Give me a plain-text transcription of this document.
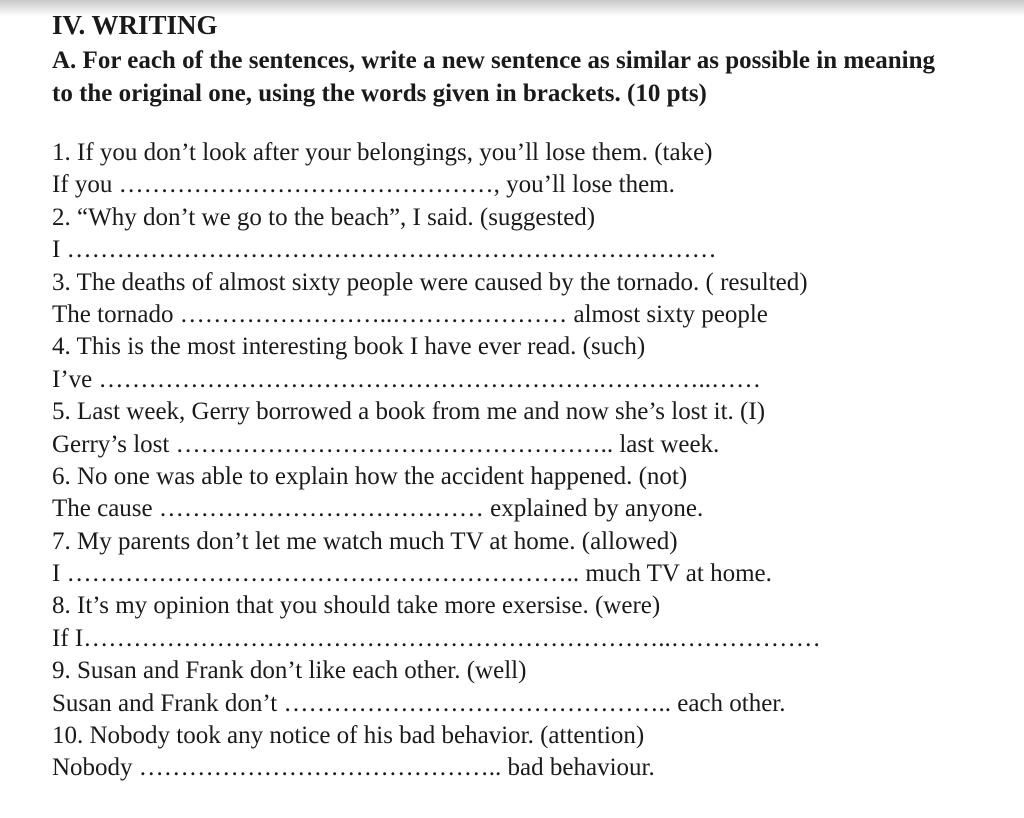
IV. WRITING
A. For each of the sentences, write a new sentence as similar as possible in meaning to the original one, using the words given in brackets. (10 pts)
1. If you don’t look after your belongings, you’ll lose them. (take)
If you ………………………………………, you’ll lose them.
2. “Why don’t we go to the beach”, I said. (suggested)
I ……………………………………………………………………
3. The deaths of almost sixty people were caused by the tornado. ( resulted)
The tornado ……………………..………………… almost sixty people
4. This is the most interesting book I have ever read. (such)
I’ve ………………………………………………………………..……
5. Last week, Gerry borrowed a book from me and now she’s lost it. (I)
Gerry’s lost …………………………………………….. last week.
6. No one was able to explain how the accident happened. (not)
The cause ………………………………… explained by anyone.
7. My parents don’t let me watch much TV at home. (allowed)
I …………………………………………………….. much TV at home.
8. It’s my opinion that you should take more exersise. (were)
If I……………………………………………………………..………………
9. Susan and Frank don’t like each other. (well)
Susan and Frank don’t ……………………………………….. each other.
10. Nobody took any notice of his bad behavior. (attention)
Nobody …………………………………….. bad behaviour.
